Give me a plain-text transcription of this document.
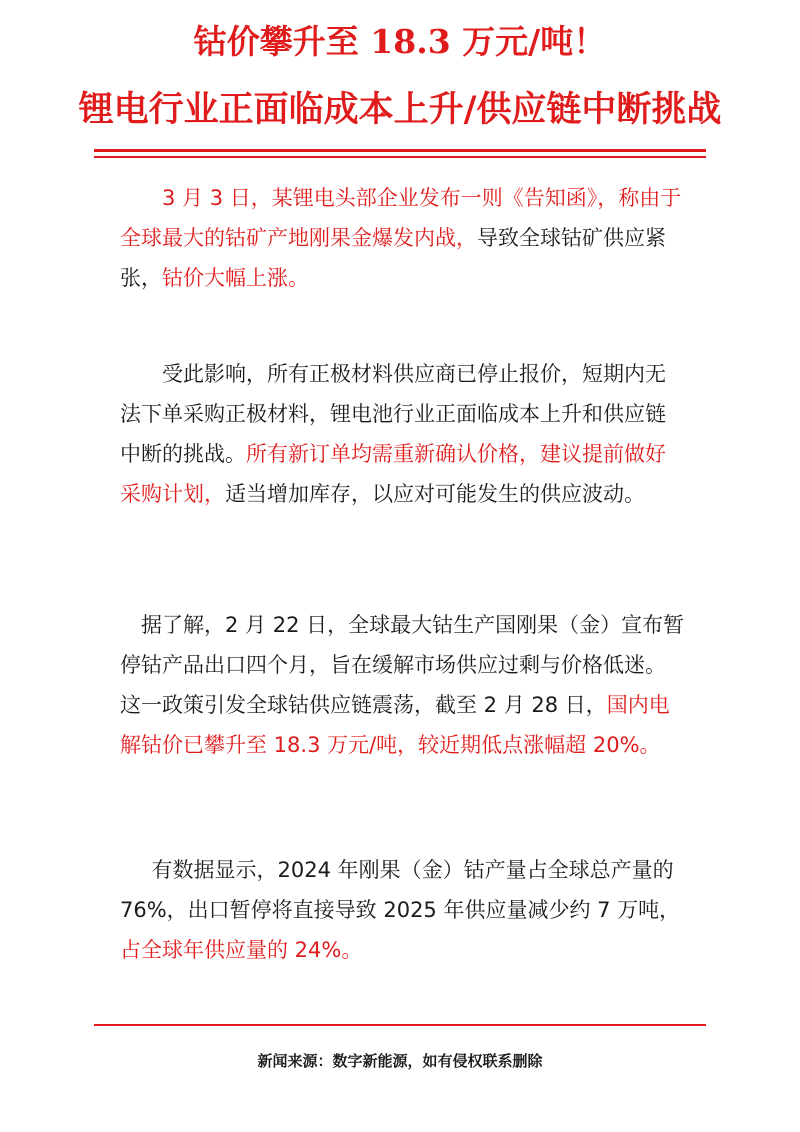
钴价攀升至 18.3 万元/吨！
锂电行业正面临成本上升/供应链中断挑战

3 月 3 日，某锂电头部企业发布一则《告知函》，称由于全球最大的钴矿产地刚果金爆发内战，导致全球钴矿供应紧张，钴价大幅上涨。

受此影响，所有正极材料供应商已停止报价，短期内无法下单采购正极材料，锂电池行业正面临成本上升和供应链中断的挑战。所有新订单均需重新确认价格，建议提前做好采购计划，适当增加库存，以应对可能发生的供应波动。

据了解，2 月 22 日，全球最大钴生产国刚果（金）宣布暂停钴产品出口四个月，旨在缓解市场供应过剩与价格低迷。这一政策引发全球钴供应链震荡，截至 2 月 28 日，国内电解钴价已攀升至 18.3 万元/吨，较近期低点涨幅超 20%。

有数据显示，2024 年刚果（金）钴产量占全球总产量的 76%，出口暂停将直接导致 2025 年供应量减少约 7 万吨，占全球年供应量的 24%。

新闻来源：数字新能源，如有侵权联系删除
